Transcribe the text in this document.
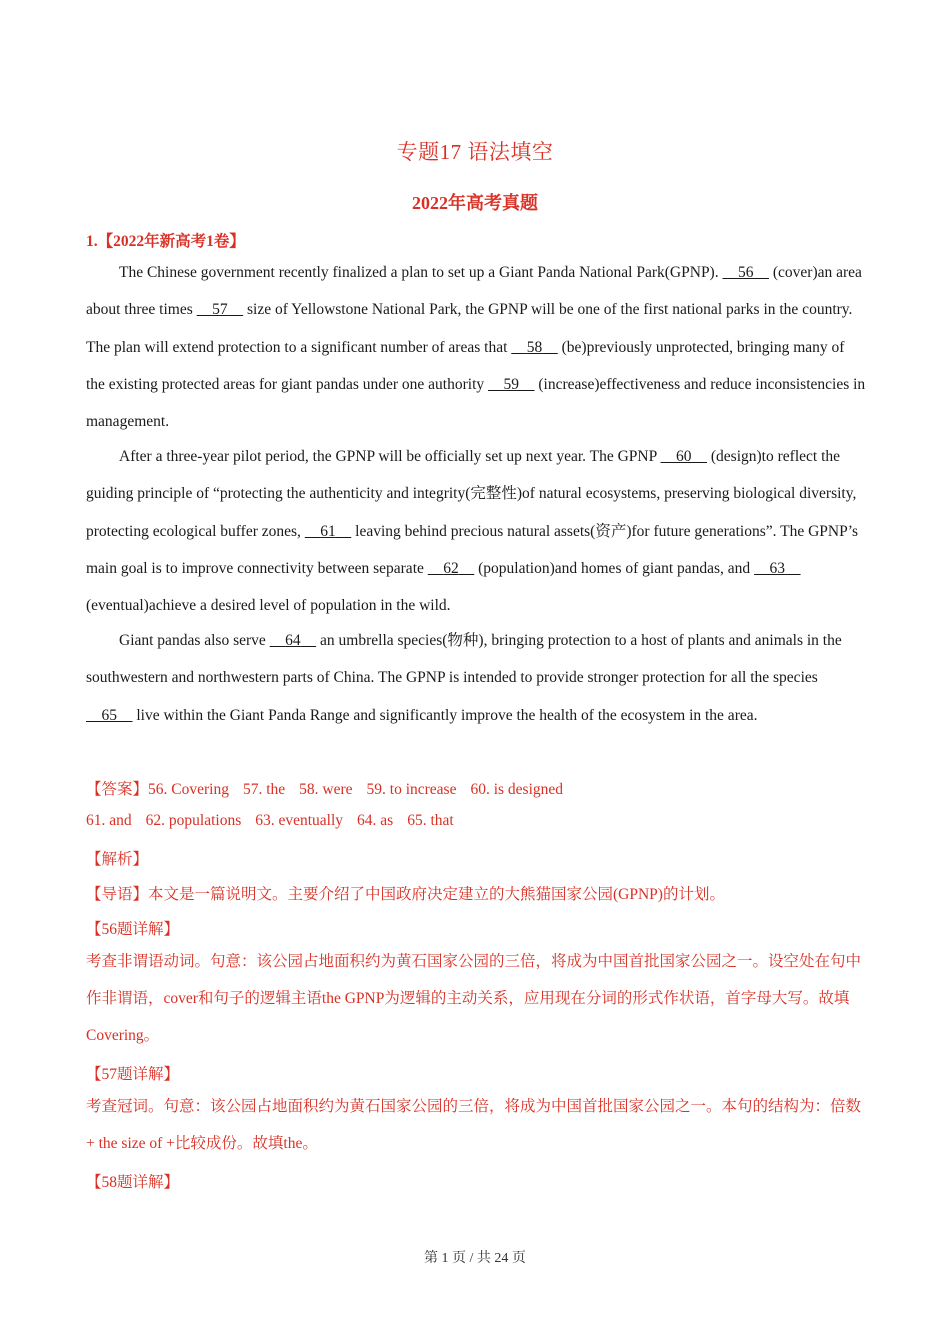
专题17 语法填空
2022年高考真题
1.【2022年新高考1卷】
The Chinese government recently finalized a plan to set up a Giant Panda National Park(GPNP). 56 (cover)an area about three times 57 size of Yellowstone National Park, the GPNP will be one of the first national parks in the country. The plan will extend protection to a significant number of areas that 58 (be)previously unprotected, bringing many of the existing protected areas for giant pandas under one authority 59 (increase)effectiveness and reduce inconsistencies in management.
After a three-year pilot period, the GPNP will be officially set up next year. The GPNP 60 (design)to reflect the guiding principle of “protecting the authenticity and integrity(完整性)of natural ecosystems, preserving biological diversity, protecting ecological buffer zones, 61 leaving behind precious natural assets(资产)for future generations”. The GPNP’s main goal is to improve connectivity between separate 62 (population)and homes of giant pandas, and 63     (eventual)achieve a desired level of population in the wild.
Giant pandas also serve 64 an umbrella species(物种), bringing protection to a host of plants and animals in the southwestern and northwestern parts of China. The GPNP is intended to provide stronger protection for all the species     65 live within the Giant Panda Range and significantly improve the health of the ecosystem in the area.
【答案】56. Covering 57. the 58. were 59. to increase 60. is designed
61. and 62. populations 63. eventually 64. as 65. that
【解析】
【导语】本文是一篇说明文。主要介绍了中国政府决定建立的大熊猫国家公园(GPNP)的计划。
【56题详解】
考查非谓语动词。句意：该公园占地面积约为黄石国家公园的三倍，将成为中国首批国家公园之一。设空处在句中作非谓语，cover和句子的逻辑主语the GPNP为逻辑的主动关系，应用现在分词的形式作状语，首字母大写。故填Covering。
【57题详解】
考查冠词。句意：该公园占地面积约为黄石国家公园的三倍，将成为中国首批国家公园之一。本句的结构为：倍数+ the size of +比较成份。故填the。
【58题详解】
第 1 页 / 共 24 页
